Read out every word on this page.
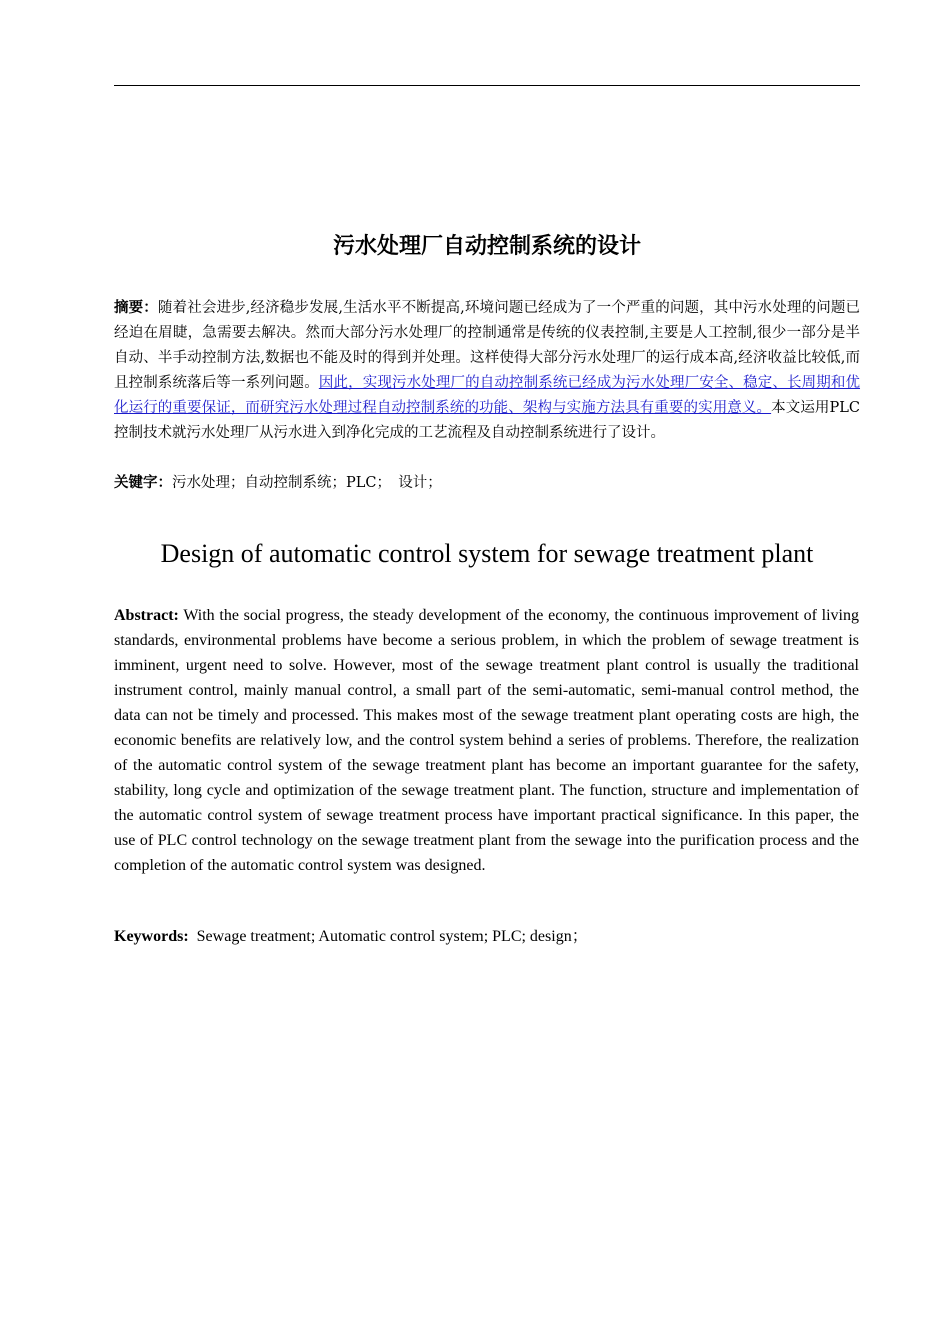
污水处理厂自动控制系统的设计

摘要：随着社会进步,经济稳步发展,生活水平不断提高,环境问题已经成为了一个严重的问题，其中污水处理的问题已经迫在眉睫，急需要去解决。然而大部分污水处理厂的控制通常是传统的仪表控制,主要是人工控制,很少一部分是半自动、半手动控制方法,数据也不能及时的得到并处理。这样使得大部分污水处理厂的运行成本高,经济收益比较低,而且控制系统落后等一系列问题。因此，实现污水处理厂的自动控制系统已经成为污水处理厂安全、稳定、长周期和优化运行的重要保证，而研究污水处理过程自动控制系统的功能、架构与实施方法具有重要的实用意义。本文运用PLC控制技术就污水处理厂从污水进入到净化完成的工艺流程及自动控制系统进行了设计。

关键字：污水处理；自动控制系统；PLC；　设计；

Design of automatic control system for sewage treatment plant

Abstract: With the social progress, the steady development of the economy, the continuous improvement of living standards, environmental problems have become a serious problem, in which the problem of sewage treatment is imminent, urgent need to solve. However, most of the sewage treatment plant control is usually the traditional instrument control, mainly manual control, a small part of the semi-automatic, semi-manual control method, the data can not be timely and processed. This makes most of the sewage treatment plant operating costs are high, the economic benefits are relatively low, and the control system behind a series of problems. Therefore, the realization of the automatic control system of the sewage treatment plant has become an important guarantee for the safety, stability, long cycle and optimization of the sewage treatment plant. The function, structure and implementation of the automatic control system of sewage treatment process have important practical significance. In this paper, the use of PLC control technology on the sewage treatment plant from the sewage into the purification process and the completion of the automatic control system was designed.

Keywords: Sewage treatment; Automatic control system; PLC; design；
